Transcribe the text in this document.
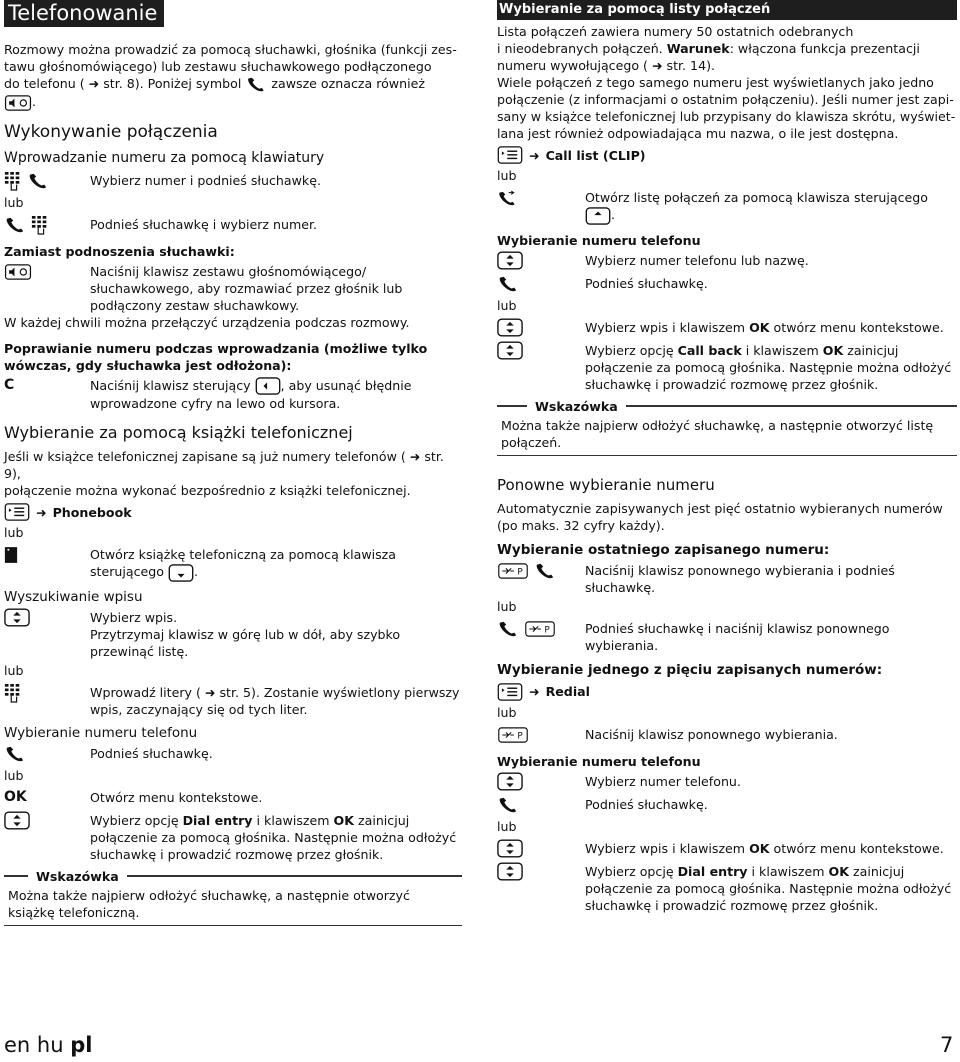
Telefonowanie

Rozmowy można prowadzić za pomocą słuchawki, głośnika (funkcji zes-

tawu głośnomówiącego) lub zestawu słuchawkowego podłączonego

do telefonu ( ➜ str. 8). Poniżej symbol zawsze oznacza również

.

Wykonywanie połączenia
Wprowadzanie numeru za pomocą klawiatury
Wybierz numer i podnieś słuchawkę.
lub
Podnieś słuchawkę i wybierz numer.
Zamiast podnoszenia słuchawki:

Naciśnij klawisz zestawu głośnomówiącego/

słuchawkowego, aby rozmawiać przez głośnik lub

podłączony zestaw słuchawkowy.

W każdej chwili można przełączyć urządzenia podczas rozmowy.

Poprawianie numeru podczas wprowadzania (możliwe tylko

wówczas, gdy słuchawka jest odłożona):

C	Naciśnij klawisz sterujący , aby usunąć błędnie

wprowadzone cyfry na lewo od kursora.

Wybieranie za pomocą książki telefonicznej

Jeśli w książce telefonicznej zapisane są już numery telefonów ( ➜ str. 9),

połączenie można wykonać bezpośrednio z książki telefonicznej.

➜ Phonebook
lub

Otwórz książkę telefoniczną za pomocą klawisza

sterującego .

Wyszukiwanie wpisu

Wybierz wpis.

Przytrzymaj klawisz w górę lub w dół, aby szybko

przewinąć listę.

lub

Wprowadź litery ( ➜ str. 5). Zostanie wyświetlony pierwszy

wpis, zaczynający się od tych liter.

Wybieranie numeru telefonu
Podnieś słuchawkę.
lub
OK	Otwórz menu kontekstowe.

Wybierz opcję Dial entry i klawiszem OK zainicjuj

połączenie za pomocą głośnika. Następnie można odłożyć

słuchawkę i prowadzić rozmowę przez głośnik.

Wskazówka

Można także najpierw odłożyć słuchawkę, a następnie otworzyć

książkę telefoniczną.

Wybieranie za pomocą listy połączeń

Lista połączeń zawiera numery 50 ostatnich odebranych

i nieodebranych połączeń. Warunek: włączona funkcja prezentacji

numeru wywołującego ( ➜ str. 14).

Wiele połączeń z tego samego numeru jest wyświetlanych jako jedno

połączenie (z informacjami o ostatnim połączeniu). Jeśli numer jest zapi-

sany w książce telefonicznej lub przypisany do klawisza skrótu, wyświet-

lana jest również odpowiadająca mu nazwa, o ile jest dostępna.

➜ Call list (CLIP)
lub
Otwórz listę połączeń za pomocą klawisza sterującego .
Wybieranie numeru telefonu
Wybierz numer telefonu lub nazwę.
Podnieś słuchawkę.
lub
Wybierz wpis i klawiszem OK otwórz menu kontekstowe.

Wybierz opcję Call back i klawiszem OK zainicjuj

połączenie za pomocą głośnika. Następnie można odłożyć

słuchawkę i prowadzić rozmowę przez głośnik.

Wskazówka

Można także najpierw odłożyć słuchawkę, a następnie otworzyć listę

połączeń.

Ponowne wybieranie numeru

Automatycznie zapisywanych jest pięć ostatnio wybieranych numerów

(po maks. 32 cyfry każdy).

Wybieranie ostatniego zapisanego numeru:

Naciśnij klawisz ponownego wybierania i podnieś

słuchawkę.

lub

Podnieś słuchawkę i naciśnij klawisz ponownego

wybierania.

Wybieranie jednego z pięciu zapisanych numerów:
➜ Redial
lub
Naciśnij klawisz ponownego wybierania.
Wybieranie numeru telefonu
Wybierz numer telefonu.
Podnieś słuchawkę.
lub
Wybierz wpis i klawiszem OK otwórz menu kontekstowe.

Wybierz opcję Dial entry i klawiszem OK zainicjuj

połączenie za pomocą głośnika. Następnie można odłożyć

słuchawkę i prowadzić rozmowę przez głośnik.

en hu pl	7
